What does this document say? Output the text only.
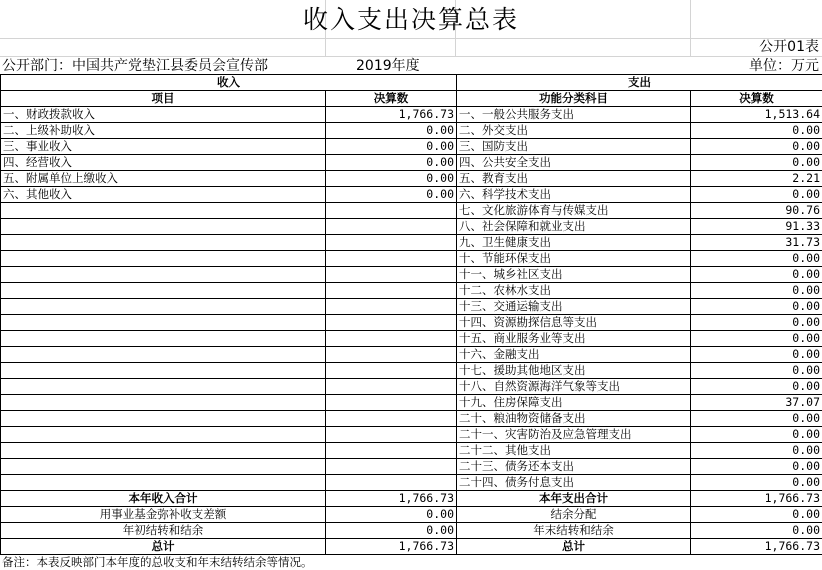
收入支出决算总表
公开01表
公开部门：中国共产党垫江县委员会宣传部	2019年度	单位：万元
收入		支出	
项目	决算数	功能分类科目	决算数
一、财政拨款收入	1,766.73	一、一般公共服务支出	1,513.64
二、上级补助收入	0.00	二、外交支出	0.00
三、事业收入	0.00	三、国防支出	0.00
四、经营收入	0.00	四、公共安全支出	0.00
五、附属单位上缴收入	0.00	五、教育支出	2.21
六、其他收入	0.00	六、科学技术支出	0.00
		七、文化旅游体育与传媒支出	90.76
		八、社会保障和就业支出	91.33
		九、卫生健康支出	31.73
		十、节能环保支出	0.00
		十一、城乡社区支出	0.00
		十二、农林水支出	0.00
		十三、交通运输支出	0.00
		十四、资源勘探信息等支出	0.00
		十五、商业服务业等支出	0.00
		十六、金融支出	0.00
		十七、援助其他地区支出	0.00
		十八、自然资源海洋气象等支出	0.00
		十九、住房保障支出	37.07
		二十、粮油物资储备支出	0.00
		二十一、灾害防治及应急管理支出	0.00
		二十二、其他支出	0.00
		二十三、债务还本支出	0.00
		二十四、债务付息支出	0.00
本年收入合计	1,766.73	本年支出合计	1,766.73
用事业基金弥补收支差额	0.00	结余分配	0.00
年初结转和结余	0.00	年末结转和结余	0.00
总计	1,766.73	总计	1,766.73
备注：本表反映部门本年度的总收支和年末结转结余等情况。
